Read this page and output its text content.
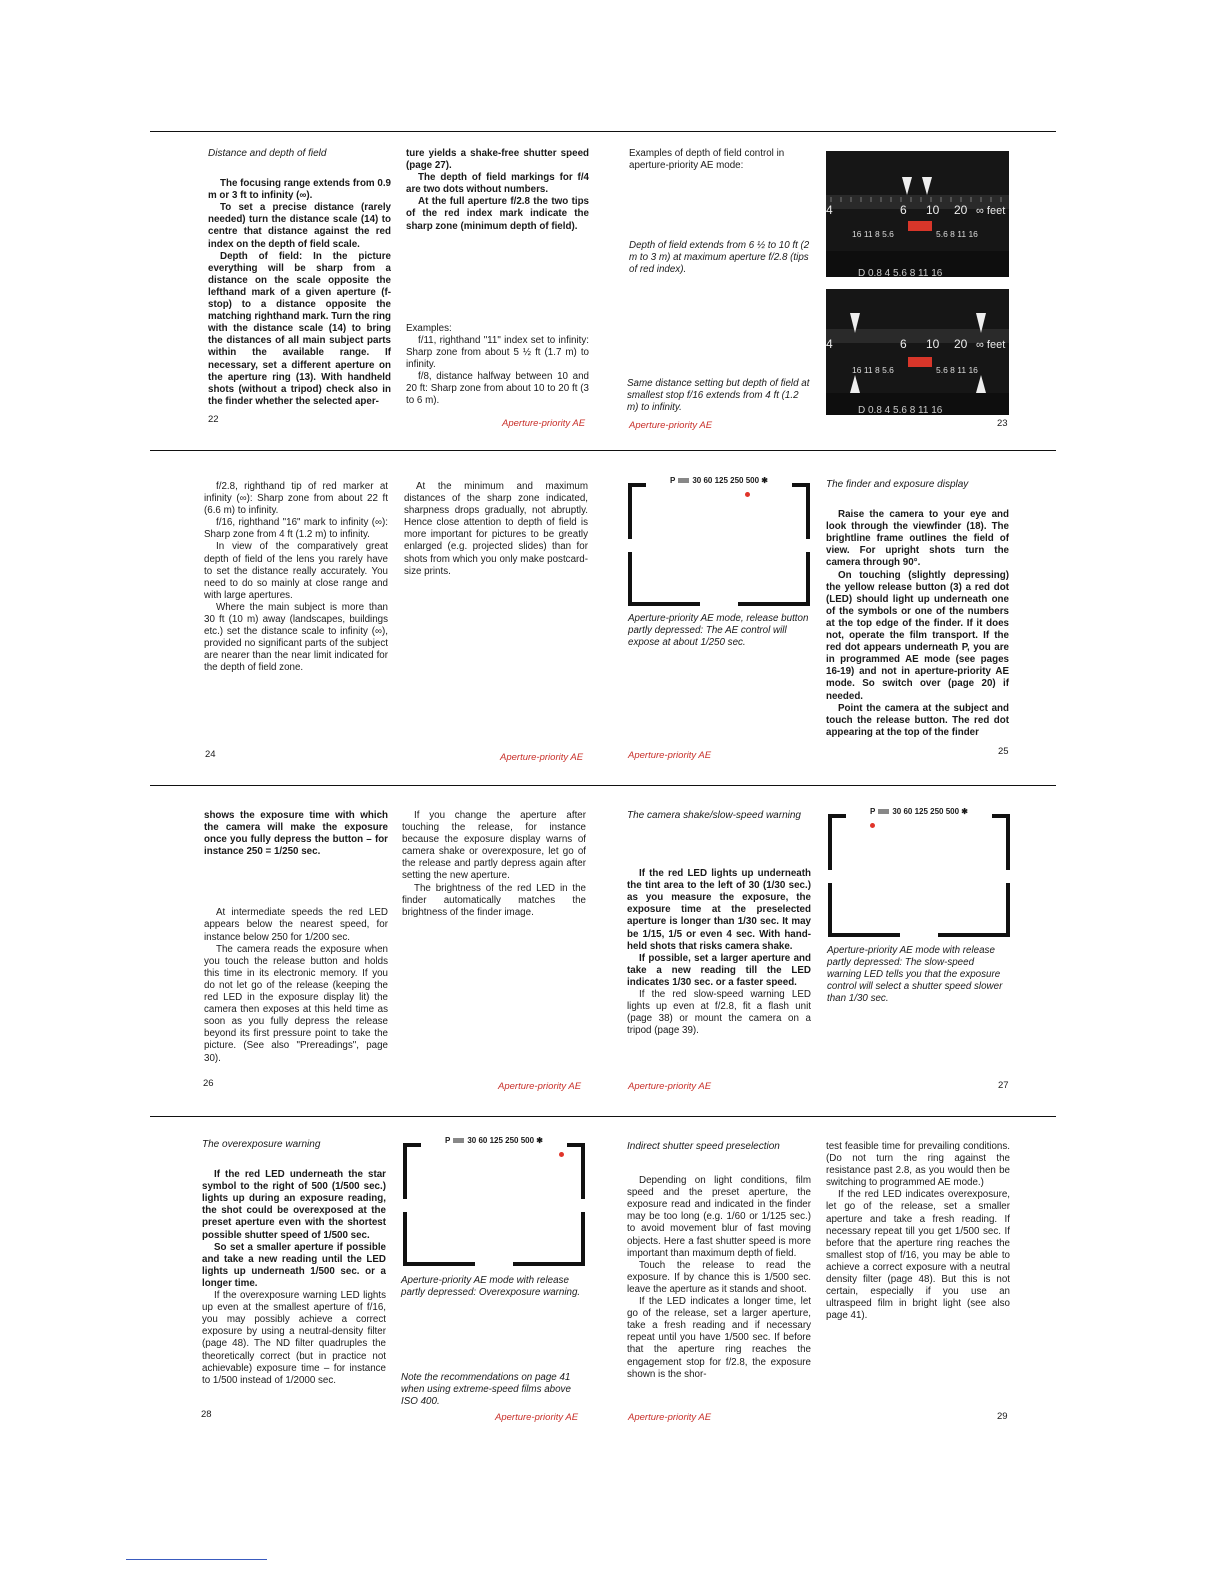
Distance and depth of field

The focusing range extends from 0.9 m or 3 ft to infinity (∞).

To set a precise distance (rarely needed) turn the distance scale (14) to centre that distance against the red index on the depth of field scale.

Depth of field: In the picture everything will be sharp from a distance on the scale opposite the lefthand mark of a given aperture (f-stop) to a distance opposite the matching righthand mark. Turn the ring with the distance scale (14) to bring the distances of all main subject parts within the available range. If necessary, set a different aperture on the aperture ring (13). With handheld shots (without a tripod) check also in the finder whether the selected aper-

ture yields a shake-free shutter speed (page 27).

The depth of field markings for f/4 are two dots without numbers.

At the full aperture f/2.8 the two tips of the red index mark indicate the sharp zone (minimum depth of field).

Examples:

f/11, righthand "11" index set to infinity: Sharp zone from about 5 ½ ft (1.7 m) to infinity.

f/8, distance halfway between 10 and 20 ft: Sharp zone from about 10 to 20 ft (3 to 6 m).

22	Aperture-priority AE
Examples of depth of field control in aperture-priority AE mode:
Depth of field extends from 6 ½ to 10 ft (2 m to 3 m) at maximum aperture f/2.8 (tips of red index).
Same distance setting but depth of field at smallest stop f/16 extends from 4 ft (1.2 m) to infinity.
Aperture-priority AE	23
4	6 10 20 ∞ feet
16 11 8 5.6	5.6 8 11 16
D 0.8 4 5.6 8 11 16
4	6 10 20 ∞ feet
16 11 8 5.6	5.6 8 11 16
D 0.8 4 5.6 8 11 16

f/2.8, righthand tip of red marker at infinity (∞): Sharp zone from about 22 ft (6.6 m) to infinity.

f/16, righthand "16" mark to infinity (∞): Sharp zone from 4 ft (1.2 m) to infinity.

In view of the comparatively great depth of field of the lens you rarely have to set the distance really accurately. You need to do so mainly at close range and with large apertures.

Where the main subject is more than 30 ft (10 m) away (landscapes, buildings etc.) set the distance scale to infinity (∞), provided no significant parts of the subject are nearer than the near limit indicated for the depth of field zone.

At the minimum and maximum distances of the sharp zone indicated, sharpness drops gradually, not abruptly. Hence close attention to depth of field is more important for pictures to be greatly enlarged (e.g. projected slides) than for shots from which you only make postcard-size prints.

24	Aperture-priority AE
P 30 60 125 250 500 ✱
Aperture-priority AE mode, release button partly depressed: The AE control will expose at about 1/250 sec.
Aperture-priority AE

The finder and exposure display

Raise the camera to your eye and look through the viewfinder (18). The brightline frame outlines the field of view. For upright shots turn the camera through 90°.

On touching (slightly depressing) the yellow release button (3) a red dot (LED) should light up underneath one of the symbols or one of the numbers at the top edge of the finder. If it does not, operate the film transport. If the red dot appears underneath P, you are in programmed AE mode (see pages 16-19) and not in aperture-priority AE mode. So switch over (page 20) if needed.

Point the camera at the subject and touch the release button. The red dot appearing at the top of the finder

25

shows the exposure time with which the camera will make the exposure once you fully depress the button – for instance 250 = 1/250 sec.

At intermediate speeds the red LED appears below the nearest speed, for instance below 250 for 1/200 sec.

The camera reads the exposure when you touch the release button and holds this time in its electronic memory. If you do not let go of the release (keeping the red LED in the exposure display lit) the camera then exposes at this held time as soon as you fully depress the release beyond its first pressure point to take the picture. (See also "Prereadings", page 30).

If you change the aperture after touching the release, for instance because the exposure display warns of camera shake or overexposure, let go of the release and partly depress again after setting the new aperture.

The brightness of the red LED in the finder automatically matches the brightness of the finder image.

26	Aperture-priority AE

The camera shake/slow-speed warning

If the red LED lights up underneath the tint area to the left of 30 (1/30 sec.) as you measure the exposure, the exposure time at the preselected aperture is longer than 1/30 sec. It may be 1/15, 1/5 or even 4 sec. With hand-held shots that risks camera shake.

If possible, set a larger aperture and take a new reading till the LED indicates 1/30 sec. or a faster speed.

If the red slow-speed warning LED lights up even at f/2.8, fit a flash unit (page 38) or mount the camera on a tripod (page 39).

Aperture-priority AE
P 30 60 125 250 500 ✱
Aperture-priority AE mode with release partly depressed: The slow-speed warning LED tells you that the exposure control will select a shutter speed slower than 1/30 sec.
27

The overexposure warning

If the red LED underneath the star symbol to the right of 500 (1/500 sec.) lights up during an exposure reading, the shot could be overexposed at the preset aperture even with the shortest possible shutter speed of 1/500 sec.

So set a smaller aperture if possible and take a new reading until the LED lights up underneath 1/500 sec. or a longer time.

If the overexposure warning LED lights up even at the smallest aperture of f/16, you may possibly achieve a correct exposure by using a neutral-density filter (page 48). The ND filter quadruples the theoretically correct (but in practice not achievable) exposure time – for instance to 1/500 instead of 1/2000 sec.

28
P 30 60 125 250 500 ✱
Aperture-priority AE mode with release partly depressed: Overexposure warning.
Note the recommendations on page 41 when using extreme-speed films above ISO 400.
Aperture-priority AE

Indirect shutter speed preselection

Depending on light conditions, film speed and the preset aperture, the exposure read and indicated in the finder may be too long (e.g. 1/60 or 1/125 sec.) to avoid movement blur of fast moving objects. Here a fast shutter speed is more important than maximum depth of field.

Touch the release to read the exposure. If by chance this is 1/500 sec. leave the aperture as it stands and shoot.

If the LED indicates a longer time, let go of the release, set a larger aperture, take a fresh reading and if necessary repeat until you have 1/500 sec. If before that the aperture ring reaches the engagement stop for f/2.8, the exposure shown is the shor-

Aperture-priority AE

test feasible time for prevailing conditions. (Do not turn the ring against the resistance past 2.8, as you would then be switching to programmed AE mode.)

If the red LED indicates overexposure, let go of the release, set a smaller aperture and take a fresh reading. If necessary repeat till you get 1/500 sec. If before that the aperture ring reaches the smallest stop of f/16, you may be able to achieve a correct exposure with a neutral density filter (page 48). But this is not certain, especially if you use an ultraspeed film in bright light (see also page 41).

29
